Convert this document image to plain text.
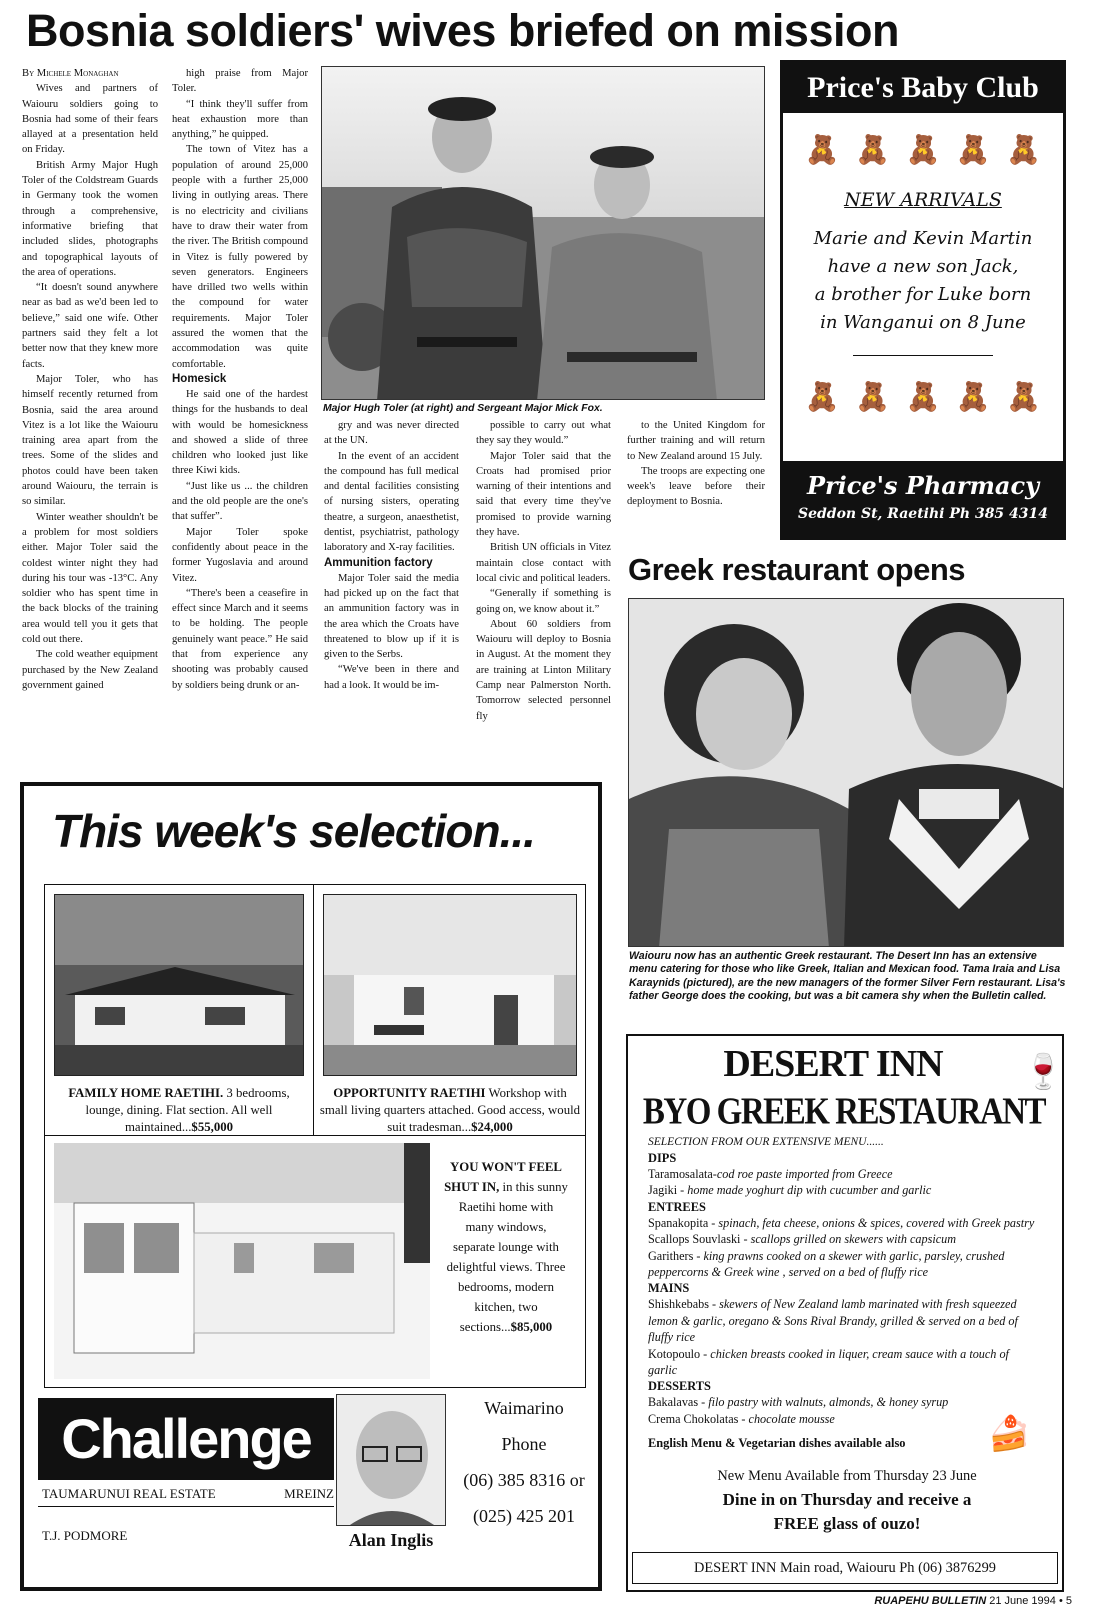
Bosnia soldiers' wives briefed on mission

By Michele Monaghan

Wives and partners of Waiouru soldiers going to Bosnia had some of their fears allayed at a presentation held on Friday.

British Army Major Hugh Toler of the Coldstream Guards in Germany took the women through a comprehensive, informative briefing that included slides, photographs and topographical layouts of the area of operations.

“It doesn't sound anywhere near as bad as we'd been led to believe,” said one wife. Other partners said they felt a lot better now that they knew more facts.

Major Toler, who has himself recently returned from Bosnia, said the area around Vitez is a lot like the Waiouru training area apart from the trees. Some of the slides and photos could have been taken around Waiouru, the terrain is so similar.

Winter weather shouldn't be a problem for most soldiers either. Major Toler said the coldest winter night they had during his tour was -13°C. Any soldier who has spent time in the back blocks of the training area would tell you it gets that cold out there.

The cold weather equipment purchased by the New Zealand government gained

high praise from Major Toler.

“I think they'll suffer from heat exhaustion more than anything,” he quipped.

The town of Vitez has a population of around 25,000 people with a further 25,000 living in outlying areas. There is no electricity and civilians have to draw their water from the river. The British compound in Vitez is fully powered by seven generators. Engineers have drilled two wells within the compound for water requirements. Major Toler assured the women that the accommodation was quite comfortable.

Homesick

He said one of the hardest things for the husbands to deal with would be homesickness and showed a slide of three children who looked just like three Kiwi kids.

“Just like us ... the children and the old people are the one's that suffer”.

Major Toler spoke confidently about peace in the former Yugoslavia and around Vitez.

“There's been a ceasefire in effect since March and it seems to be holding. The people genuinely want peace.” He said that from experience any shooting was probably caused by soldiers being drunk or an-

Major Hugh Toler (at right) and Sergeant Major Mick Fox.

gry and was never directed at the UN.

In the event of an accident the compound has full medical and dental facilities consisting of nursing sisters, operating theatre, a surgeon, anaesthetist, dentist, psychiatrist, pathology laboratory and X-ray facilities.

Ammunition factory

Major Toler said the media had picked up on the fact that an ammunition factory was in the area which the Croats have threatened to blow up if it is given to the Serbs.

“We've been in there and had a look. It would be im-

possible to carry out what they say they would.”

Major Toler said that the Croats had promised prior warning of their intentions and said that every time they've promised to provide warning they have.

British UN officials in Vitez maintain close contact with local civic and political leaders.

“Generally if something is going on, we know about it.”

About 60 soldiers from Waiouru will deploy to Bosnia in August. At the moment they are training at Linton Military Camp near Palmerston North. Tomorrow selected personnel fly

to the United Kingdom for further training and will return to New Zealand around 15 July.

The troops are expecting one week's leave before their deployment to Bosnia.

Price's Baby Club
🧸 🧸 🧸 🧸 🧸
NEW ARRIVALS
Marie and Kevin Martin
have a new son Jack,
a brother for Luke born
in Wanganui on 8 June
🧸 🧸 🧸 🧸 🧸
Price's Pharmacy
Seddon St, Raetihi Ph 385 4314
Greek restaurant opens
Waiouru now has an authentic Greek restaurant. The Desert Inn has an extensive menu catering for those who like Greek, Italian and Mexican food. Tama Iraia and Lisa Karaynids (pictured), are the new managers of the former Silver Fern restaurant. Lisa's father George does the cooking, but was a bit camera shy when the Bulletin called.
This week's selection...
FAMILY HOME RAETIHI. 3 bedrooms, lounge, dining. Flat section. All well maintained...$55,000
OPPORTUNITY RAETIHI Workshop with small living quarters attached. Good access, would suit tradesman...$24,000
YOU WON'T FEEL SHUT IN, in this sunny Raetihi home with many windows, separate lounge with delightful views. Three bedrooms, modern kitchen, two sections...$85,000
Challenge
TAUMARUNUI REAL ESTATE	MREINZ
T.J. PODMORE	Alan Inglis
Waimarino
Phone
(06) 385 8316 or
(025) 425 201
DESERT INN	🍷
BYO GREEK RESTAURANT
SELECTION FROM OUR EXTENSIVE MENU......
DIPS
Taramosalata-cod roe paste imported from Greece
Jagiki - home made yoghurt dip with cucumber and garlic
ENTREES
Spanakopita - spinach, feta cheese, onions & spices, covered with Greek pastry
Scallops Souvlaski - scallops grilled on skewers with capsicum
Garithers - king prawns cooked on a skewer with garlic, parsley, crushed peppercorns & Greek wine , served on a bed of fluffy rice
MAINS
Shishkebabs - skewers of New Zealand lamb marinated with fresh squeezed lemon & garlic, oregano & Sons Rival Brandy, grilled & served on a bed of fluffy rice
Kotopoulo - chicken breasts cooked in liquer, cream sauce with a touch of garlic
DESSERTS
Bakalavas - filo pastry with walnuts, almonds, & honey syrup
Crema Chokolatas - chocolate mousse	🍰
English Menu & Vegetarian dishes available also
New Menu Available from Thursday 23 June
Dine in on Thursday and receive a
FREE glass of ouzo!
DESERT INN Main road, Waiouru Ph (06) 3876299
RUAPEHU BULLETIN 21 June 1994 • 5
